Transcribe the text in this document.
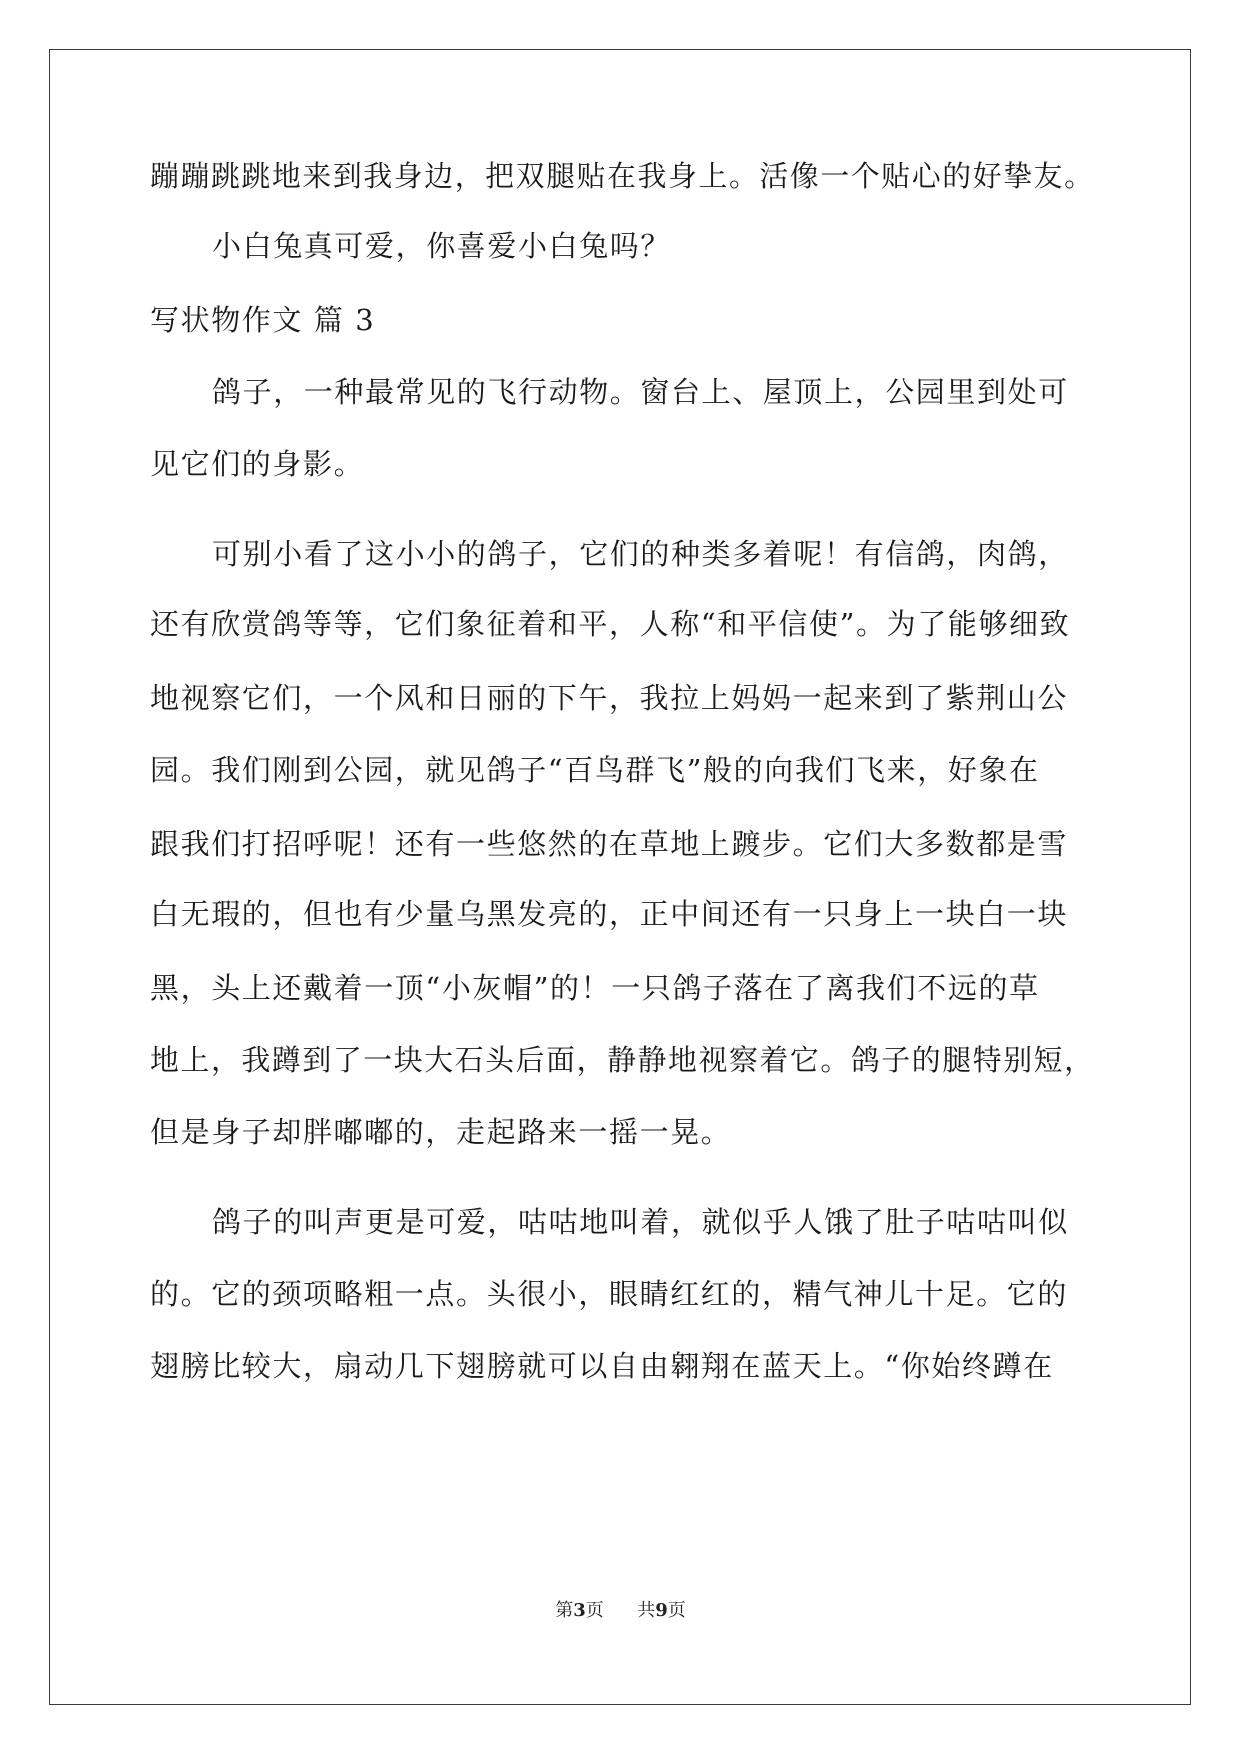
蹦蹦跳跳地来到我身边，把双腿贴在我身上。活像一个贴心的好挚友。
小白兔真可爱，你喜爱小白兔吗？
写状物作文 篇 3
鸽子，一种最常见的飞行动物。窗台上、屋顶上，公园里到处可
见它们的身影。
可别小看了这小小的鸽子，它们的种类多着呢！有信鸽，肉鸽，
还有欣赏鸽等等，它们象征着和平，人称“和平信使”。为了能够细致
地视察它们，一个风和日丽的下午，我拉上妈妈一起来到了紫荆山公
园。我们刚到公园，就见鸽子“百鸟群飞”般的向我们飞来，好象在
跟我们打招呼呢！还有一些悠然的在草地上踱步。它们大多数都是雪
白无瑕的，但也有少量乌黑发亮的，正中间还有一只身上一块白一块
黑，头上还戴着一顶“小灰帽”的！一只鸽子落在了离我们不远的草
地上，我蹲到了一块大石头后面，静静地视察着它。鸽子的腿特别短，
但是身子却胖嘟嘟的，走起路来一摇一晃。
鸽子的叫声更是可爱，咕咕地叫着，就似乎人饿了肚子咕咕叫似
的。它的颈项略粗一点。头很小，眼睛红红的，精气神儿十足。它的
翅膀比较大，扇动几下翅膀就可以自由翱翔在蓝天上。“你始终蹲在
第3页 共9页
